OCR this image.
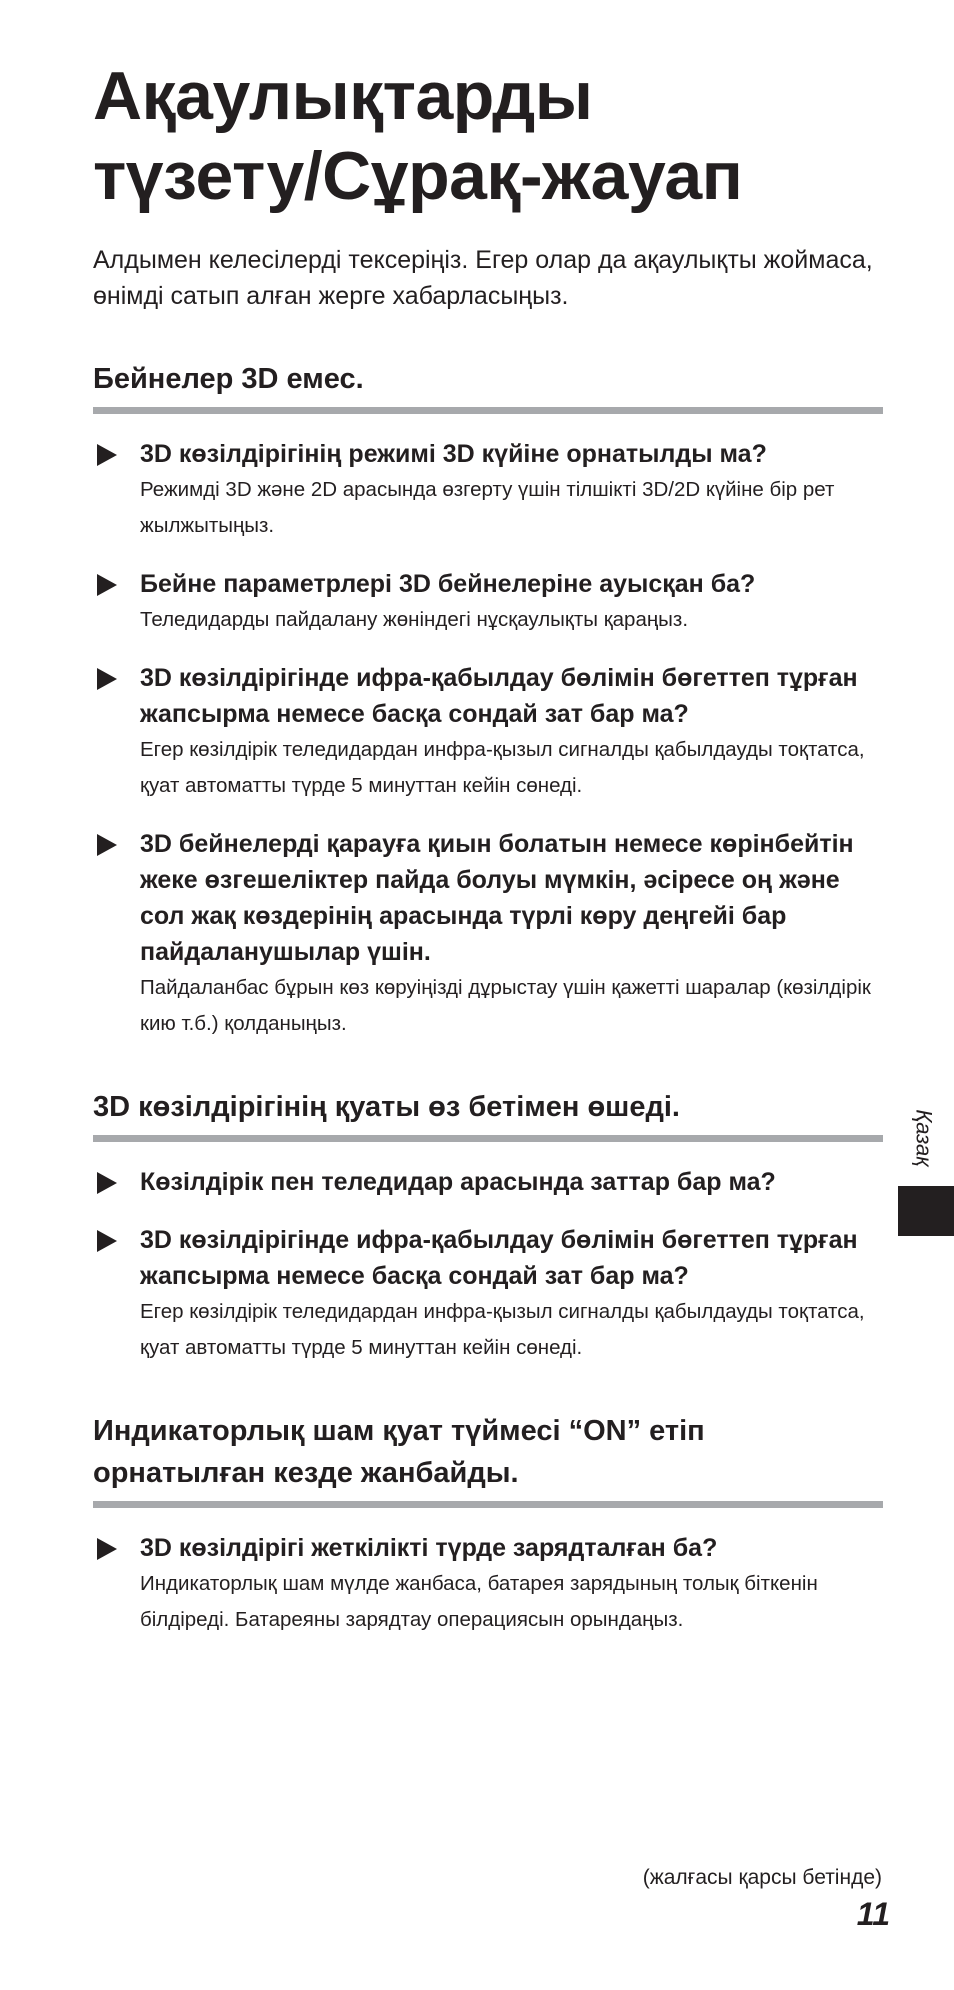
Ақаулықтарды
түзету/Сұрақ-жауап
Алдымен келесілерді тексеріңіз. Егер олар да ақаулықты жоймаса, өнімді сатып алған жерге хабарласыңыз.
Бейнелер 3D емес.
3D көзілдірігінің режимі 3D күйіне орнатылды ма?
Режимді 3D және 2D арасында өзгерту үшін тілшікті 3D/2D күйіне бір рет жылжытыңыз.
Бейне параметрлері 3D бейнелеріне ауысқан ба?
Теледидарды пайдалану жөніндегі нұсқаулықты қараңыз.
3D көзілдірігінде ифра-қабылдау бөлімін бөгеттеп тұрған жапсырма немесе басқа сондай зат бар ма?
Егер көзілдірік теледидардан инфра-қызыл сигналды қабылдауды тоқтатса, қуат автоматты түрде 5 минуттан кейін сөнеді.
3D бейнелерді қарауға қиын болатын немесе көрінбейтін жеке өзгешеліктер пайда болуы мүмкін, әсіресе оң және сол жақ көздерінің арасында түрлі көру деңгейі бар пайдаланушылар үшін.
Пайдаланбас бұрын көз көруіңізді дұрыстау үшін қажетті шаралар (көзілдірік кию т.б.) қолданыңыз.
3D көзілдірігінің қуаты өз бетімен өшеді.
Көзілдірік пен теледидар арасында заттар бар ма?
3D көзілдірігінде ифра-қабылдау бөлімін бөгеттеп тұрған жапсырма немесе басқа сондай зат бар ма?
Егер көзілдірік теледидардан инфра-қызыл сигналды қабылдауды тоқтатса, қуат автоматты түрде 5 минуттан кейін сөнеді.
Индикаторлық шам қуат түймесі “ON” етіп орнатылған кезде жанбайды.
3D көзілдірігі жеткілікті түрде зарядталған ба?
Индикаторлық шам мүлде жанбаса, батарея зарядының толық біткенін білдіреді. Батареяны зарядтау операциясын орындаңыз.
Қазақ
(жалғасы қарсы бетінде)
11
